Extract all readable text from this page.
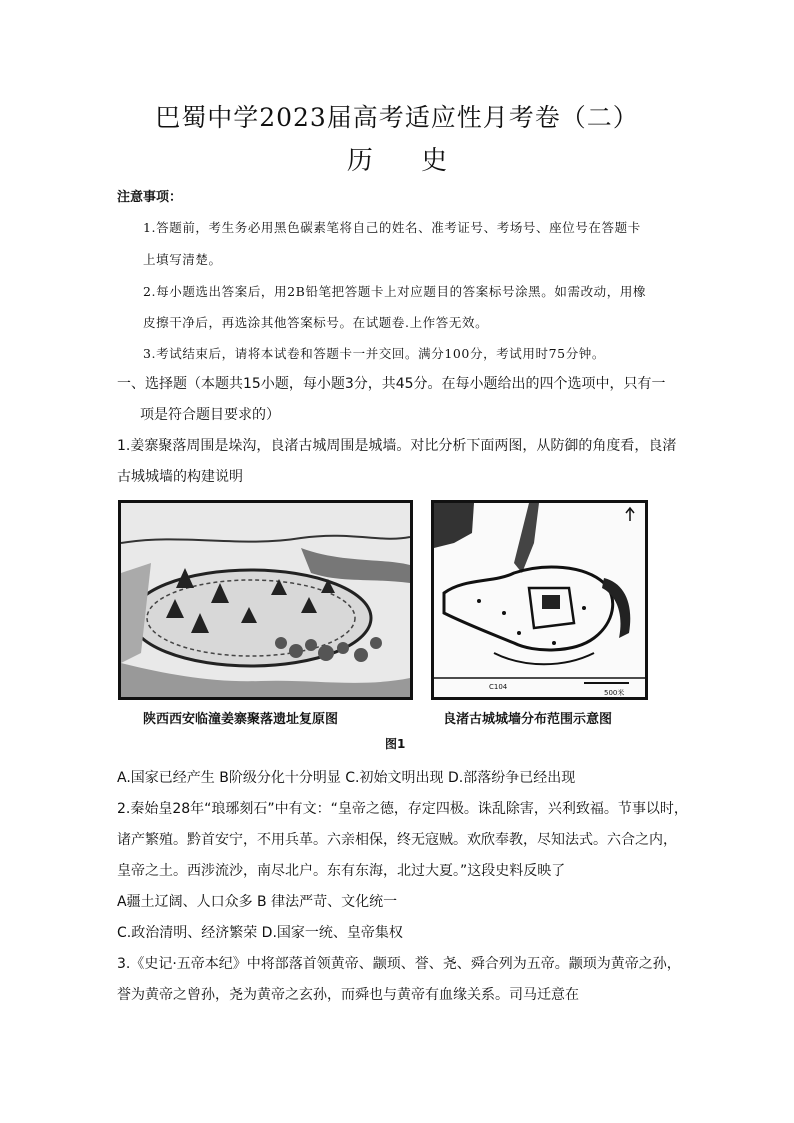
巴蜀中学2023届高考适应性月考卷（二）
历 史
注意事项：
1.答题前，考生务必用黑色碳素笔将自己的姓名、准考证号、考场号、座位号在答题卡
上填写清楚。
2.每小题选出答案后，用2B铅笔把答题卡上对应题目的答案标号涂黑。如需改动，用橡
皮擦干净后，再选涂其他答案标号。在试题卷.上作答无效。
3.考试结束后，请将本试卷和答题卡一并交回。满分100分，考试用时75分钟。
一、选择题（本题共15小题，每小题3分，共45分。在每小题给出的四个选项中，只有一
项是符合题目要求的）
1.姜寨聚落周围是垛沟，良渚古城周围是城墙。对比分析下面两图，从防御的角度看，良渚
古城城墙的构建说明
C104
500米
陕西西安临潼姜寨聚落遗址复原图	良渚古城城墙分布范围示意图
图1
A.国家已经产生 B阶级分化十分明显 C.初始文明出现 D.部落纷争已经出现
2.秦始皇28年“琅琊刻石”中有文：“皇帝之德，存定四极。诛乱除害，兴利致福。节事以时，
诸产繁殖。黔首安宁，不用兵革。六亲相保，终无寇贼。欢欣奉教，尽知法式。六合之内，
皇帝之土。西涉流沙，南尽北户。东有东海，北过大夏。”这段史料反映了
A疆土辽阔、人口众多 B 律法严苛、文化统一
C.政治清明、经济繁荣 D.国家一统、皇帝集权
3.《史记·五帝本纪》中将部落首领黄帝、颛顼、誉、尧、舜合列为五帝。颛顼为黄帝之孙，
誉为黄帝之曾孙，尧为黄帝之玄孙，而舜也与黄帝有血缘关系。司马迁意在
